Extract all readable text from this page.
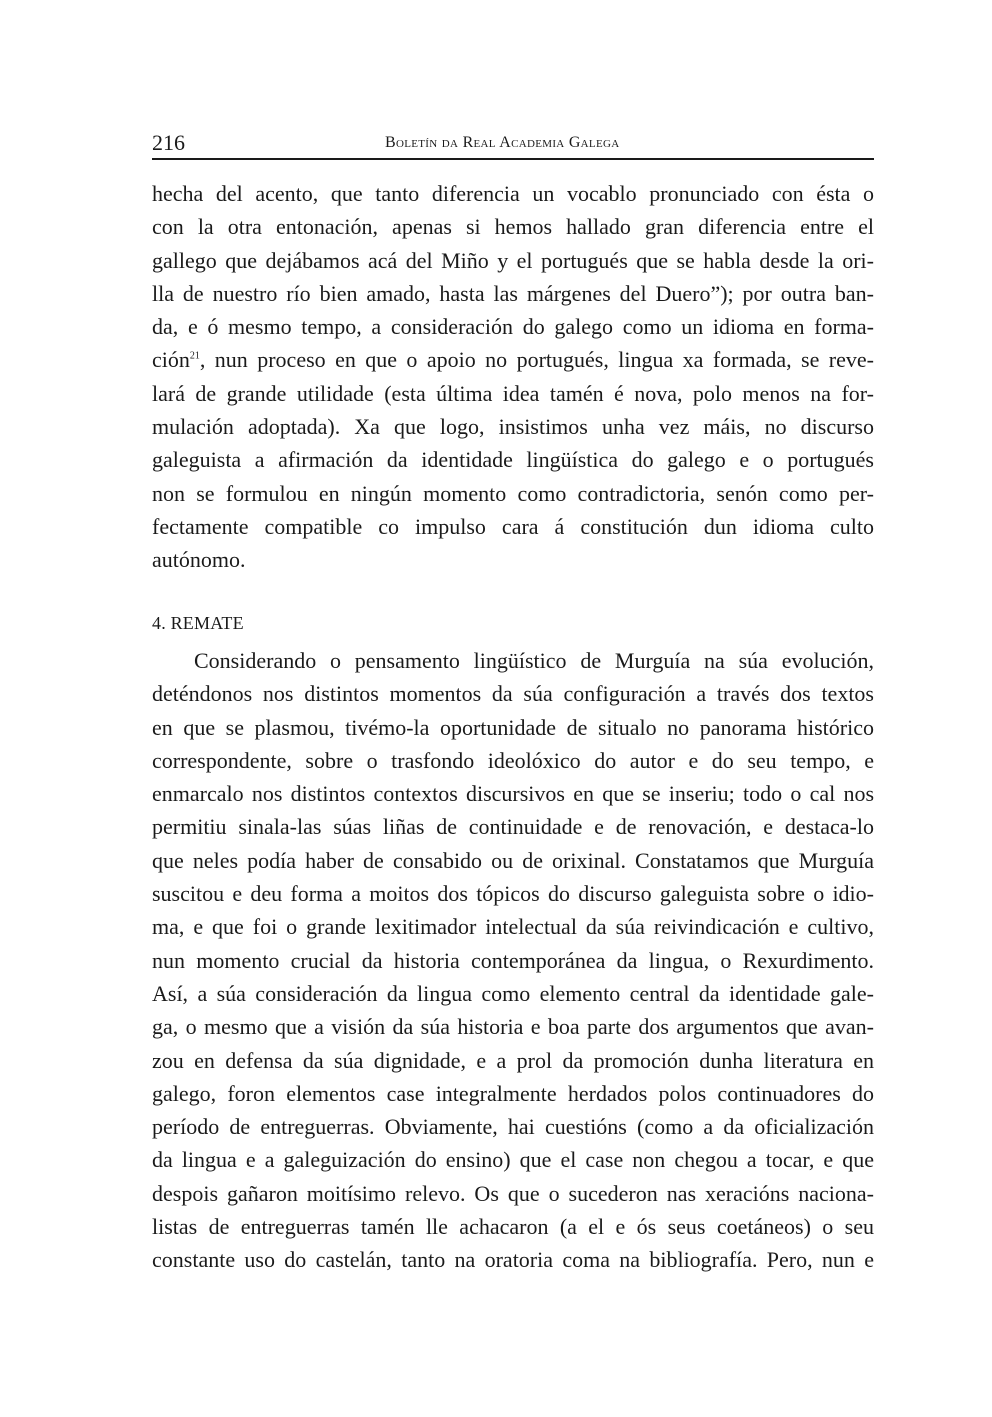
216	Boletín da Real Academia Galega
hecha del acento, que tanto diferencia un vocablo pronunciado con ésta o
con la otra entonación, apenas si hemos hallado gran diferencia entre el
gallego que dejábamos acá del Miño y el portugués que se habla desde la ori-
lla de nuestro río bien amado, hasta las márgenes del Duero”); por outra ban-
da, e ó mesmo tempo, a consideración do galego como un idioma en forma-
ción$^{21}$, nun proceso en que o apoio no portugués, lingua xa formada, se reve-
lará de grande utilidade (esta última idea tamén é nova, polo menos na for-
mulación adoptada). Xa que logo, insistimos unha vez máis, no discurso
galeguista a afirmación da identidade lingüística do galego e o portugués
non se formulou en ningún momento como contradictoria, senón como per-
fectamente compatible co impulso cara á constitución dun idioma culto
autónomo.
4. REMATE
Considerando o pensamento lingüístico de Murguía na súa evolución,
deténdonos nos distintos momentos da súa configuración a través dos textos
en que se plasmou, tivémo-la oportunidade de situalo no panorama histórico
correspondente, sobre o trasfondo ideolóxico do autor e do seu tempo, e
enmarcalo nos distintos contextos discursivos en que se inseriu; todo o cal nos
permitiu sinala-las súas liñas de continuidade e de renovación, e destaca-lo
que neles podía haber de consabido ou de orixinal. Constatamos que Murguía
suscitou e deu forma a moitos dos tópicos do discurso galeguista sobre o idio-
ma, e que foi o grande lexitimador intelectual da súa reivindicación e cultivo,
nun momento crucial da historia contemporánea da lingua, o Rexurdimento.
Así, a súa consideración da lingua como elemento central da identidade gale-
ga, o mesmo que a visión da súa historia e boa parte dos argumentos que avan-
zou en defensa da súa dignidade, e a prol da promoción dunha literatura en
galego, foron elementos case integralmente herdados polos continuadores do
período de entreguerras. Obviamente, hai cuestións (como a da oficialización
da lingua e a galeguización do ensino) que el case non chegou a tocar, e que
despois gañaron moitísimo relevo. Os que o sucederon nas xeracións naciona-
listas de entreguerras tamén lle achacaron (a el e ós seus coetáneos) o seu
constante uso do castelán, tanto na oratoria coma na bibliografía. Pero, nun e
